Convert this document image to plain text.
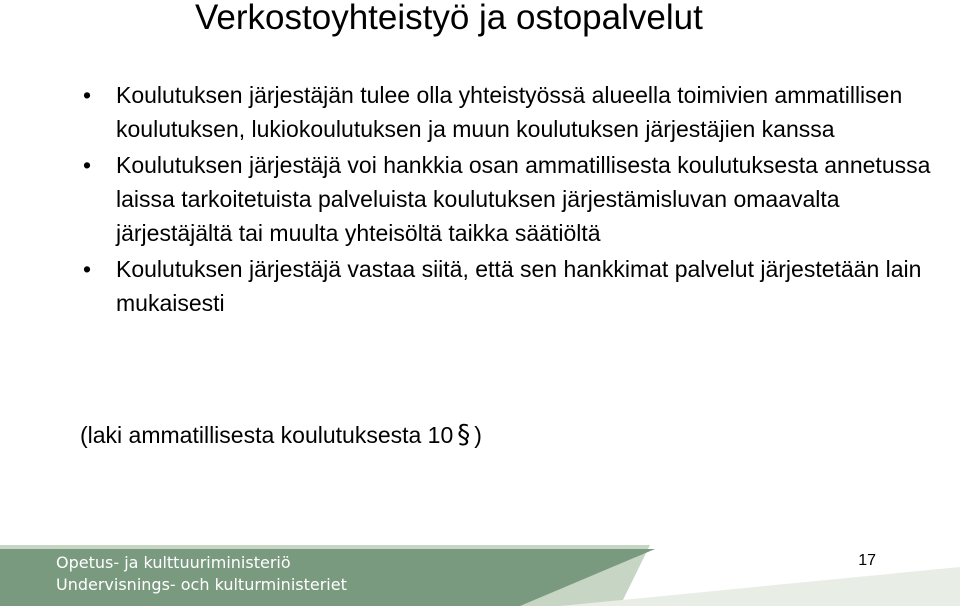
Verkostoyhteistyö ja ostopalvelut
• Koulutuksen järjestäjän tulee olla yhteistyössä alueella toimivien ammatillisen koulutuksen, lukiokoulutuksen ja muun koulutuksen järjestäjien kanssa
• Koulutuksen järjestäjä voi hankkia osan ammatillisesta koulutuksesta annetussa laissa tarkoitetuista palveluista koulutuksen järjestämisluvan omaavalta järjestäjältä tai muulta yhteisöltä taikka säätiöltä
• Koulutuksen järjestäjä vastaa siitä, että sen hankkimat palvelut järjestetään lain mukaisesti
(laki ammatillisesta koulutuksesta 10 § )
Opetus- ja kulttuuriministeriö
Undervisnings- och kulturministeriet
17
